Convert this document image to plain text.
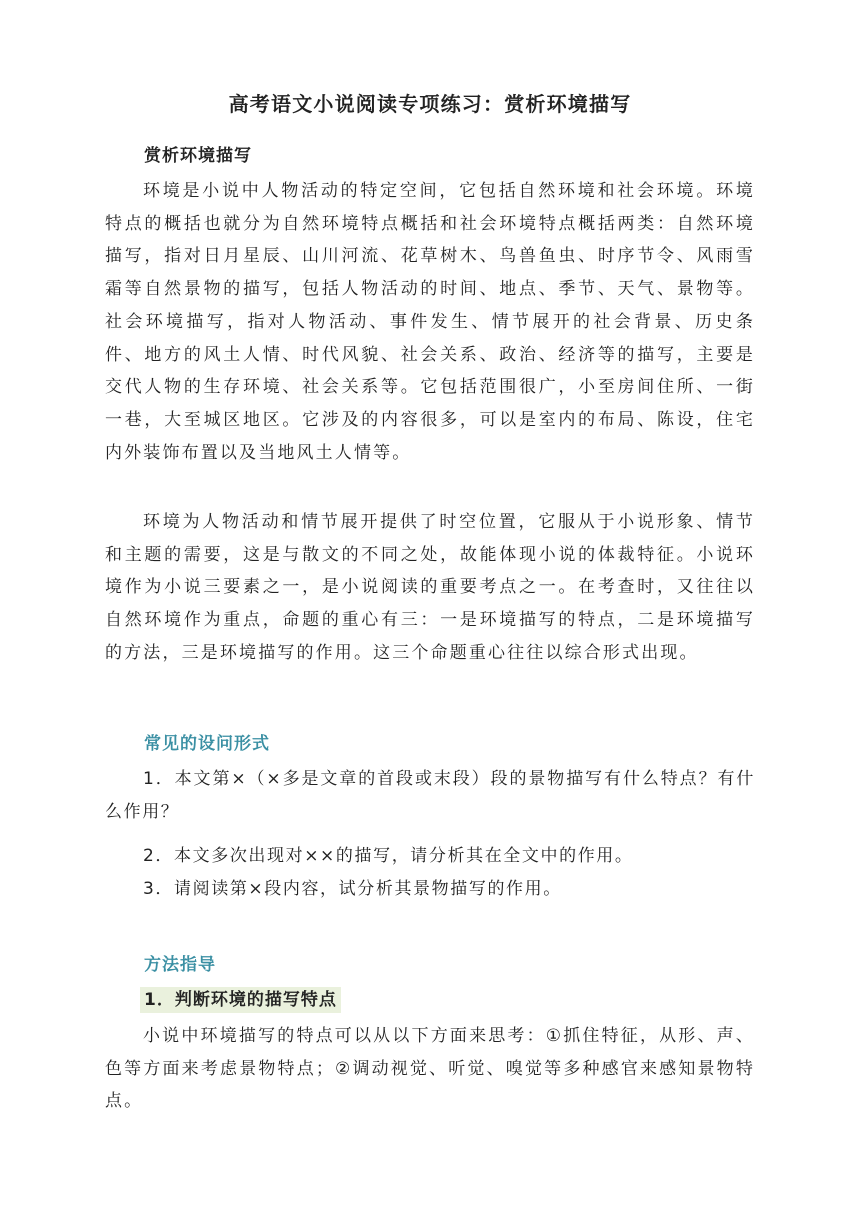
高考语文小说阅读专项练习：赏析环境描写
赏析环境描写

环境是小说中人物活动的特定空间，它包括自然环境和社会环境。环境特点的概括也就分为自然环境特点概括和社会环境特点概括两类：自然环境描写，指对日月星辰、山川河流、花草树木、鸟兽鱼虫、时序节令、风雨雪霜等自然景物的描写，包括人物活动的时间、地点、季节、天气、景物等。社会环境描写，指对人物活动、事件发生、情节展开的社会背景、历史条件、地方的风土人情、时代风貌、社会关系、政治、经济等的描写，主要是交代人物的生存环境、社会关系等。它包括范围很广，小至房间住所、一街一巷，大至城区地区。它涉及的内容很多，可以是室内的布局、陈设，住宅内外装饰布置以及当地风土人情等。

环境为人物活动和情节展开提供了时空位置，它服从于小说形象、情节和主题的需要，这是与散文的不同之处，故能体现小说的体裁特征。小说环境作为小说三要素之一，是小说阅读的重要考点之一。在考查时，又往往以自然环境作为重点，命题的重心有三：一是环境描写的特点，二是环境描写的方法，三是环境描写的作用。这三个命题重心往往以综合形式出现。

常见的设问形式

1．本文第×（×多是文章的首段或末段）段的景物描写有什么特点？有什么作用？

2．本文多次出现对××的描写，请分析其在全文中的作用。

3．请阅读第×段内容，试分析其景物描写的作用。

方法指导
1．判断环境的描写特点

小说中环境描写的特点可以从以下方面来思考：①抓住特征，从形、声、色等方面来考虑景物特点；②调动视觉、听觉、嗅觉等多种感官来感知景物特点。
